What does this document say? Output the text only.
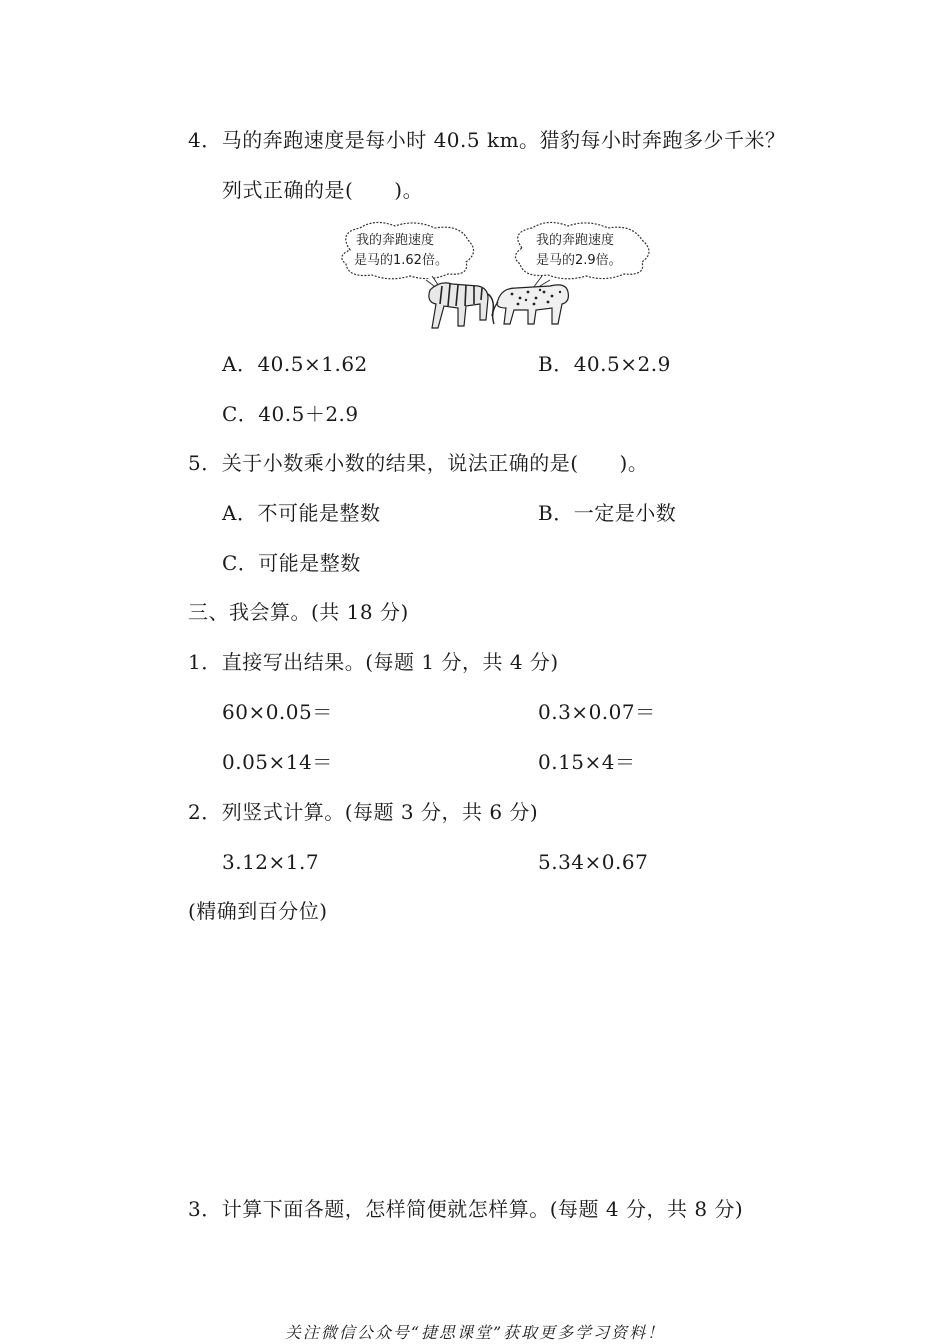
4．马的奔跑速度是每小时 40.5 km。猎豹每小时奔跑多少千米？
列式正确的是(　　)。
我的奔跑速度
是马的1.62倍。
我的奔跑速度
是马的2.9倍。
A．40.5×1.62	B．40.5×2.9
C．40.5＋2.9
5．关于小数乘小数的结果，说法正确的是(　　)。
A．不可能是整数	B．一定是小数
C．可能是整数
三、我会算。(共 18 分)
1．直接写出结果。(每题 1 分，共 4 分)
60×0.05＝	0.3×0.07＝
0.05×14＝	0.15×4＝
2．列竖式计算。(每题 3 分，共 6 分)
3.12×1.7	5.34×0.67
(精确到百分位)
3．计算下面各题，怎样简便就怎样算。(每题 4 分，共 8 分)
关注微信公众号“捷思课堂”获取更多学习资料！
